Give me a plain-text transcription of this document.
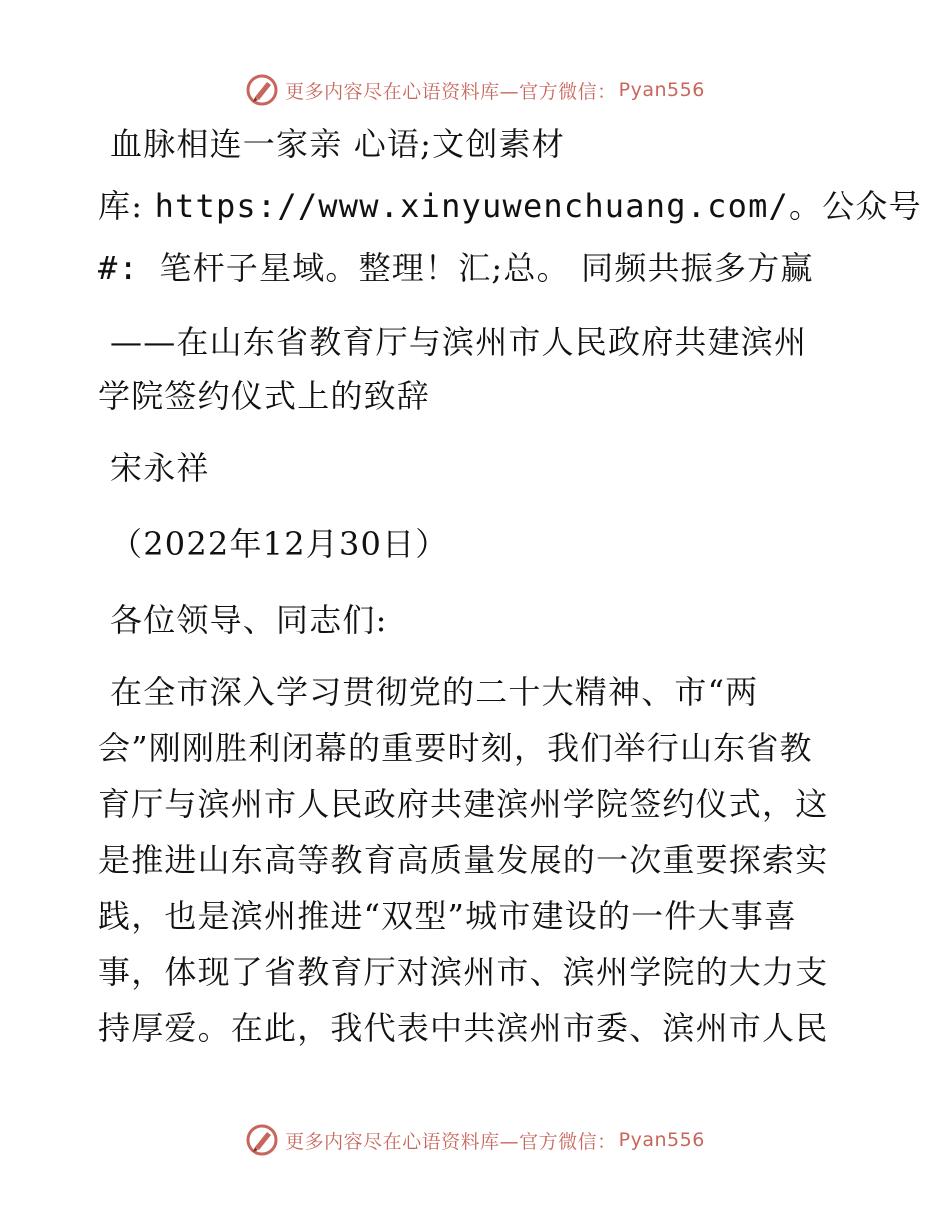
更多内容尽在心语资料库—官方微信： Pyan556
血脉相连一家亲 心语;文创素材
库: https://www.xinyuwenchuang.com/。公众号
#: 笔杆子星域。整理！汇;总。 同频共振多方赢
——在山东省教育厅与滨州市人民政府共建滨州
学院签约仪式上的致辞
宋永祥
（2022年12月30日）
各位领导、同志们:
在全市深入学习贯彻党的二十大精神、市“两
会”刚刚胜利闭幕的重要时刻，我们举行山东省教
育厅与滨州市人民政府共建滨州学院签约仪式，这
是推进山东高等教育高质量发展的一次重要探索实
践，也是滨州推进“双型”城市建设的一件大事喜
事，体现了省教育厅对滨州市、滨州学院的大力支
持厚爱。在此，我代表中共滨州市委、滨州市人民
更多内容尽在心语资料库—官方微信： Pyan556
